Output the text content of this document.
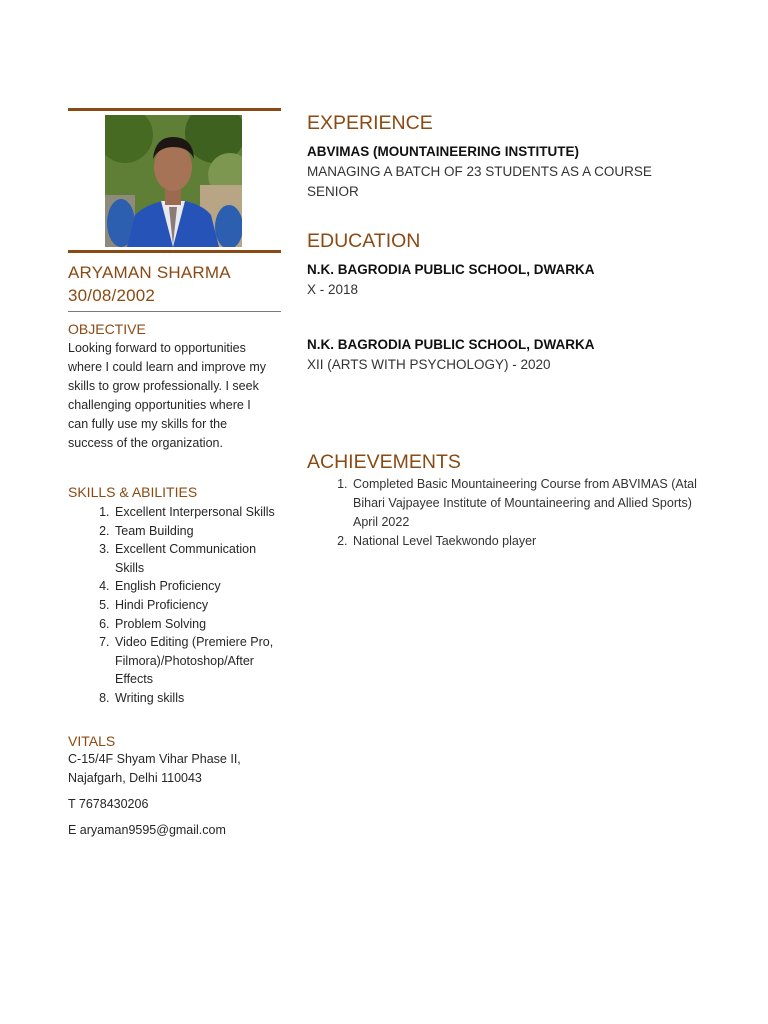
ARYAMAN SHARMA
30/08/2002
OBJECTIVE
Looking forward to opportunities where I could learn and improve my skills to grow professionally. I seek challenging opportunities where I can fully use my skills for the success of the organization.
SKILLS & ABILITIES
1. Excellent Interpersonal Skills
2. Team Building
3. Excellent Communication Skills
4. English Proficiency
5. Hindi Proficiency
6. Problem Solving
7. Video Editing (Premiere Pro, Filmora)/Photoshop/After Effects
8. Writing skills
VITALS
C-15/4F Shyam Vihar Phase II,
Najafgarh, Delhi 110043
T 7678430206
E aryaman9595@gmail.com
EXPERIENCE
ABVIMAS (MOUNTAINEERING INSTITUTE)
MANAGING A BATCH OF 23 STUDENTS AS A COURSE
SENIOR
EDUCATION
N.K. BAGRODIA PUBLIC SCHOOL, DWARKA
X - 2018
N.K. BAGRODIA PUBLIC SCHOOL, DWARKA
XII (ARTS WITH PSYCHOLOGY) - 2020
ACHIEVEMENTS
1. Completed Basic Mountaineering Course from ABVIMAS (Atal Bihari Vajpayee Institute of Mountaineering and Allied Sports) April 2022
2. National Level Taekwondo player
